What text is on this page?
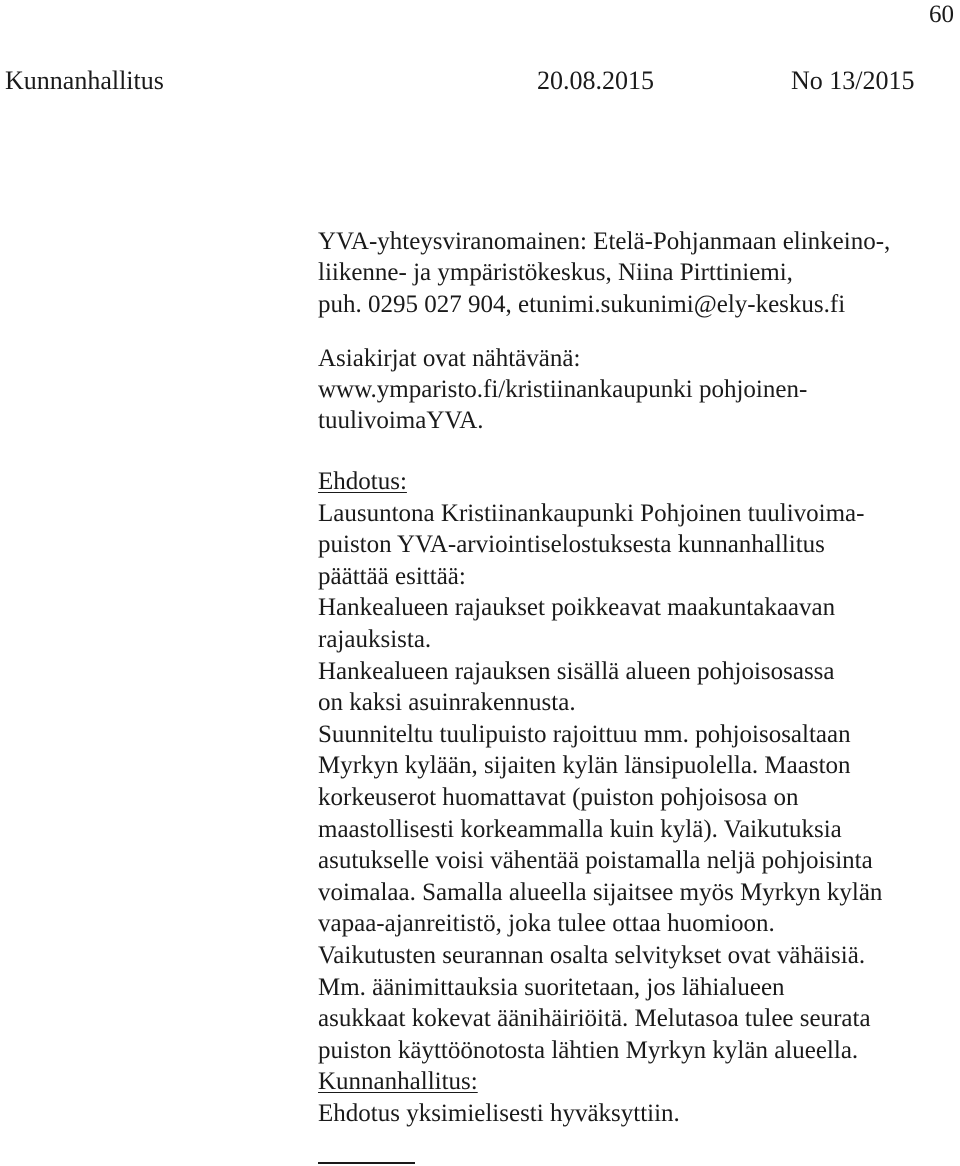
60
Kunnanhallitus	20.08.2015	No 13/2015
YVA-yhteysviranomainen: Etelä-Pohjanmaan elinkeino-,
liikenne- ja ympäristökeskus, Niina Pirttiniemi,
puh. 0295 027 904, etunimi.sukunimi@ely-keskus.fi
Asiakirjat ovat nähtävänä:
www.ymparisto.fi/kristiinankaupunki pohjoinen-
tuulivoimaYVA.
Ehdotus:
Lausuntona Kristiinankaupunki Pohjoinen tuulivoima-
puiston YVA-arviointiselostuksesta kunnanhallitus
päättää esittää:
Hankealueen rajaukset poikkeavat maakuntakaavan
rajauksista.
Hankealueen rajauksen sisällä alueen pohjoisosassa
on kaksi asuinrakennusta.
Suunniteltu tuulipuisto rajoittuu mm. pohjoisosaltaan
Myrkyn kylään, sijaiten kylän länsipuolella. Maaston
korkeuserot huomattavat (puiston pohjoisosa on
maastollisesti korkeammalla kuin kylä). Vaikutuksia
asutukselle voisi vähentää poistamalla neljä pohjoisinta
voimalaa. Samalla alueella sijaitsee myös Myrkyn kylän
vapaa-ajanreitistö, joka tulee ottaa huomioon.
Vaikutusten seurannan osalta selvitykset ovat vähäisiä.
Mm. äänimittauksia suoritetaan, jos lähialueen
asukkaat kokevat äänihäiriöitä. Melutasoa tulee seurata
puiston käyttöönotosta lähtien Myrkyn kylän alueella.
Kunnanhallitus:
Ehdotus yksimielisesti hyväksyttiin.
